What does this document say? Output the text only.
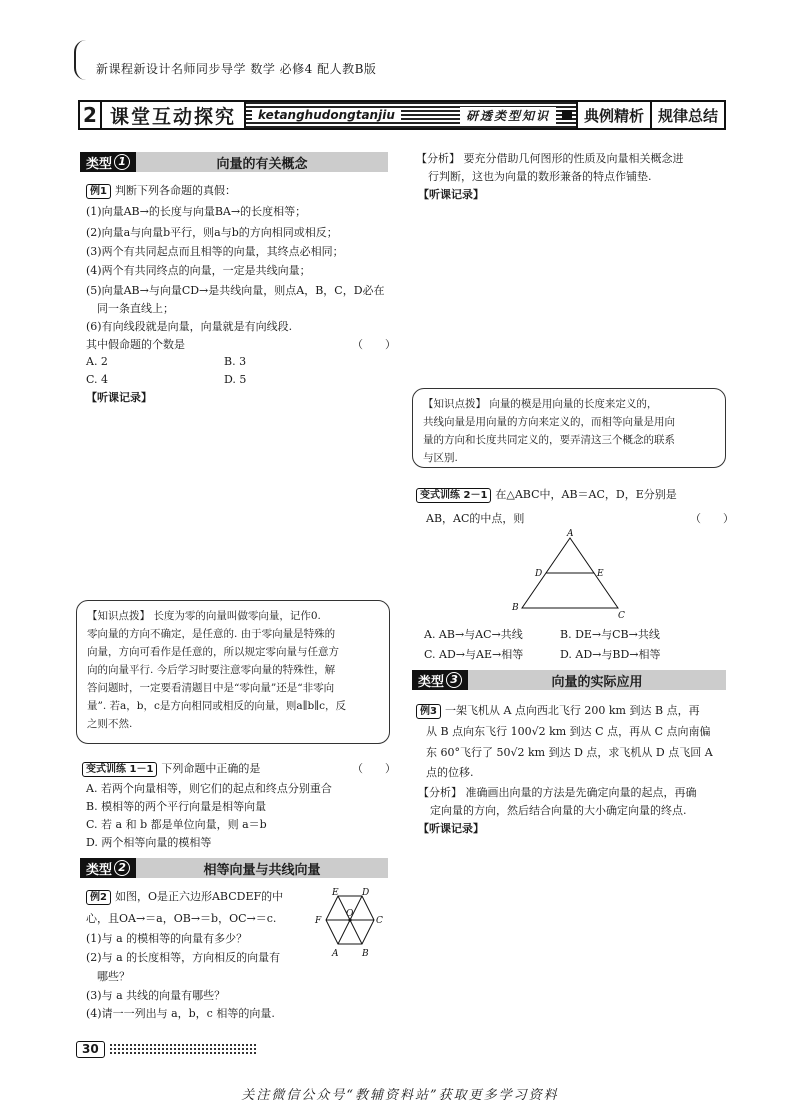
新课程新设计名师同步导学 数学 必修4 配人教B版
2 课堂互动探究	ketanghudongtanjiu	研透类型知识	典例精析 规律总结
类型 1	向量的有关概念
例1 判断下列各命题的真假：
(1)向量AB→的长度与向量BA→的长度相等；
(2)向量a与向量b平行，则a与b的方向相同或相反；
(3)两个有共同起点而且相等的向量，其终点必相同；
(4)两个有共同终点的向量，一定是共线向量；
(5)向量AB→与向量CD→是共线向量，则点A，B，C，D必在
　同一条直线上；
(6)有向线段就是向量，向量就是有向线段.
其中假命题的个数是	（　　）
A. 2	B. 3
C. 4	D. 5
【听课记录】
【知识点拨】 长度为零的向量叫做零向量，记作0.
零向量的方向不确定，是任意的. 由于零向量是特殊的
向量，方向可看作是任意的，所以规定零向量与任意方
向的向量平行. 今后学习时要注意零向量的特殊性，解
答问题时，一定要看清题目中是“零向量”还是“非零向
量”. 若a，b，c是方向相同或相反的向量，则a∥b∥c，反
之则不然.
变式训练 1－1 下列命题中正确的是	（　　）
A. 若两个向量相等，则它们的起点和终点分别重合
B. 模相等的两个平行向量是相等向量
C. 若 a 和 b 都是单位向量，则 a＝b
D. 两个相等向量的模相等
类型 2	相等向量与共线向量
例2 如图，O是正六边形ABCDEF的中
心，且OA→＝a，OB→＝b，OC→＝c.
(1)与 a 的模相等的向量有多少？
(2)与 a 的长度相等，方向相反的向量有
　哪些？
(3)与 a 共线的向量有哪些？
(4)请一一列出与 a，b，c 相等的向量.
E	D
F
O
C
A	B
【分析】 要充分借助几何图形的性质及向量相关概念进
行判断，这也为向量的数形兼备的特点作铺垫.
【听课记录】
【知识点拨】 向量的模是用向量的长度来定义的，
共线向量是用向量的方向来定义的，而相等向量是用向
量的方向和长度共同定义的，要弄清这三个概念的联系
与区别.
变式训练 2－1 在△ABC中，AB＝AC，D，E分别是
AB，AC的中点，则	（　　）
A
B
C
D	E
A. AB→与AC→共线	B. DE→与CB→共线
C. AD→与AE→相等	D. AD→与BD→相等
类型 3	向量的实际应用
例3 一架飞机从 A 点向西北飞行 200 km 到达 B 点，再
从 B 点向东飞行 100√2 km 到达 C 点，再从 C 点向南偏
东 60°飞行了 50√2 km 到达 D 点，求飞机从 D 点飞回 A
点的位移.
【分析】 准确画出向量的方法是先确定向量的起点，再确
定向量的方向，然后结合向量的大小确定向量的终点.
【听课记录】
30
关注微信公众号“教辅资料站”获取更多学习资料
